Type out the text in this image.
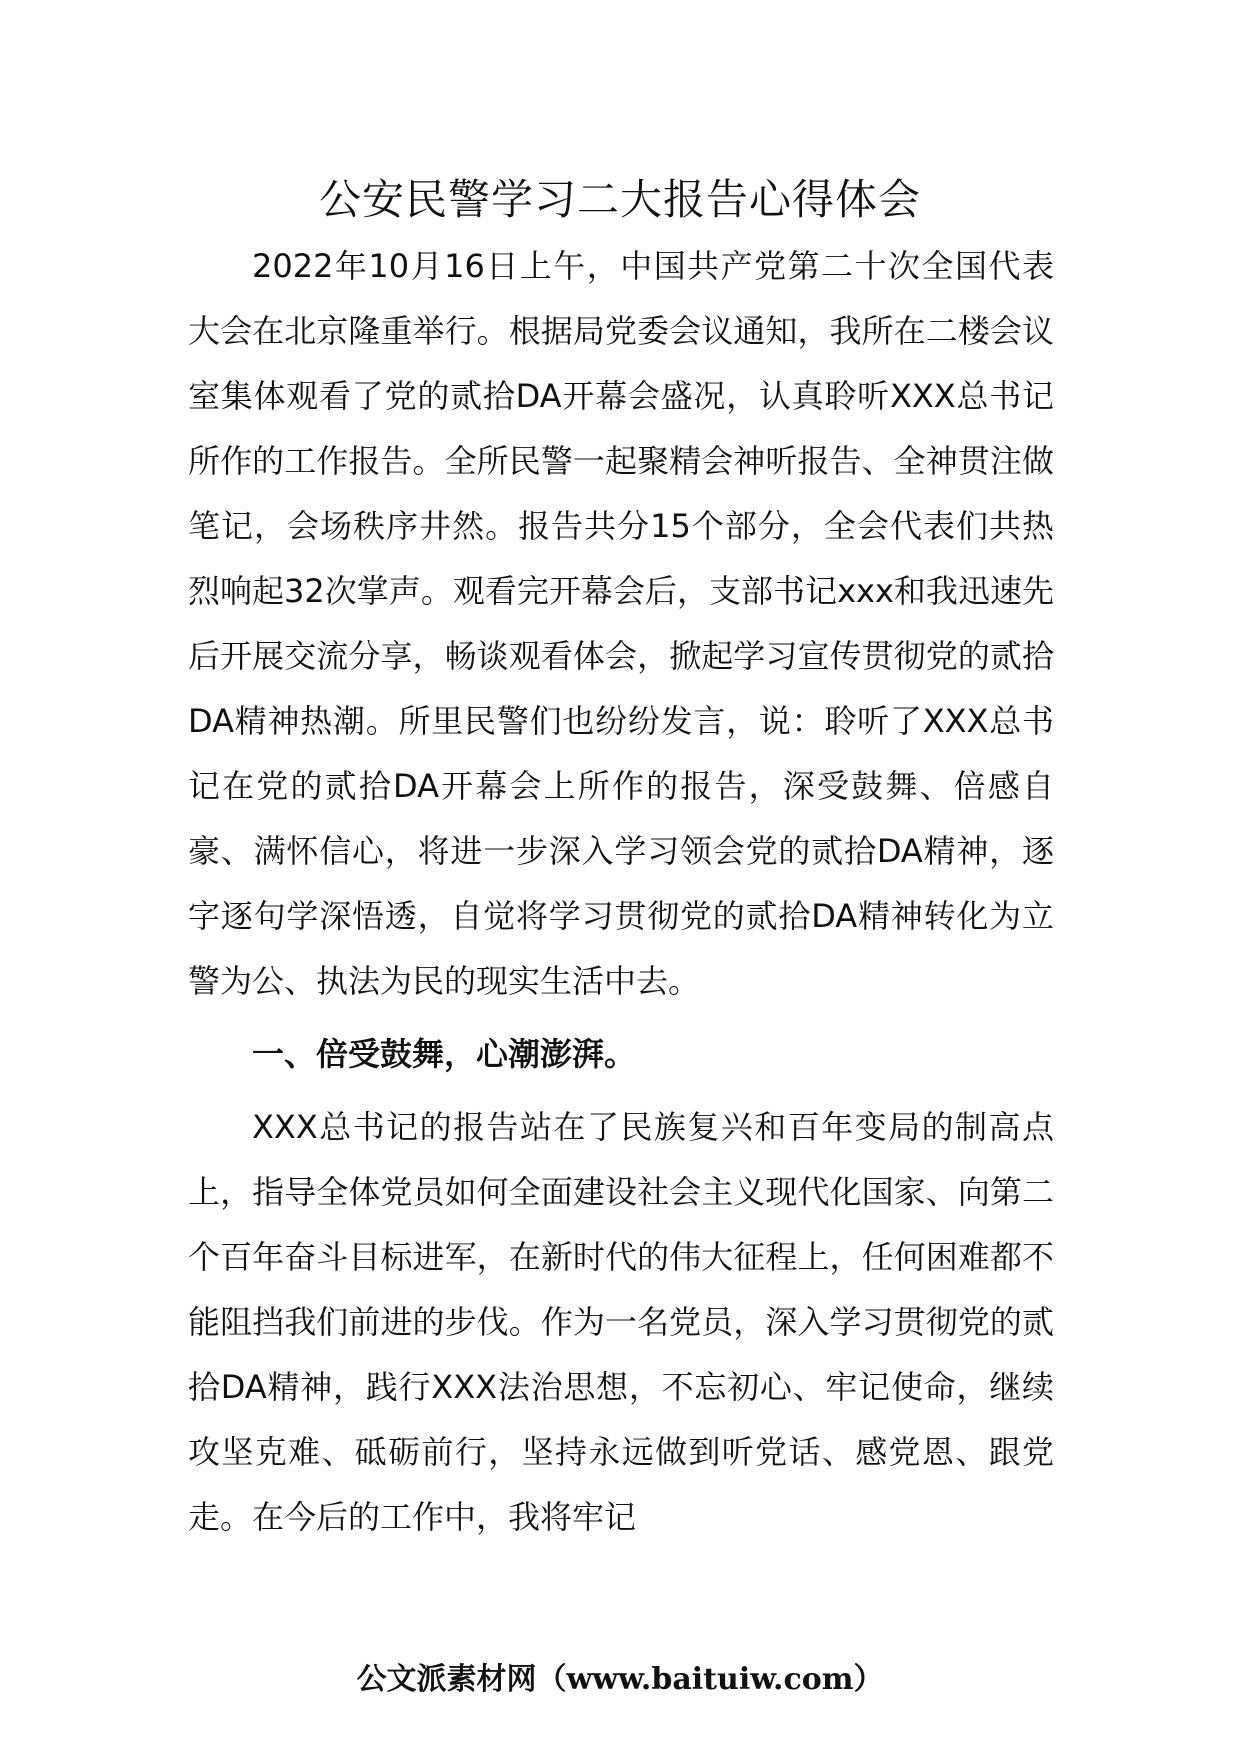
公安民警学习二大报告心得体会

2022年10月16日上午，中国共产党第二十次全国代表大会在北京隆重举行。根据局党委会议通知，我所在二楼会议室集体观看了党的贰拾DA开幕会盛况，认真聆听XXX总书记所作的工作报告。全所民警一起聚精会神听报告、全神贯注做笔记，会场秩序井然。报告共分15个部分，全会代表们共热烈响起32次掌声。观看完开幕会后，支部书记xxx和我迅速先后开展交流分享，畅谈观看体会，掀起学习宣传贯彻党的贰拾DA精神热潮。所里民警们也纷纷发言，说：聆听了XXX总书记在党的贰拾DA开幕会上所作的报告，深受鼓舞、倍感自豪、满怀信心，将进一步深入学习领会党的贰拾DA精神，逐字逐句学深悟透，自觉将学习贯彻党的贰拾DA精神转化为立警为公、执法为民的现实生活中去。

一、倍受鼓舞，心潮澎湃。

XXX总书记的报告站在了民族复兴和百年变局的制高点上，指导全体党员如何全面建设社会主义现代化国家、向第二个百年奋斗目标进军，在新时代的伟大征程上，任何困难都不能阻挡我们前进的步伐。作为一名党员，深入学习贯彻党的贰拾DA精神，践行XXX法治思想，不忘初心、牢记使命，继续攻坚克难、砥砺前行，坚持永远做到听党话、感党恩、跟党走。在今后的工作中，我将牢记

公文派素材网（www.baituiw.com）
